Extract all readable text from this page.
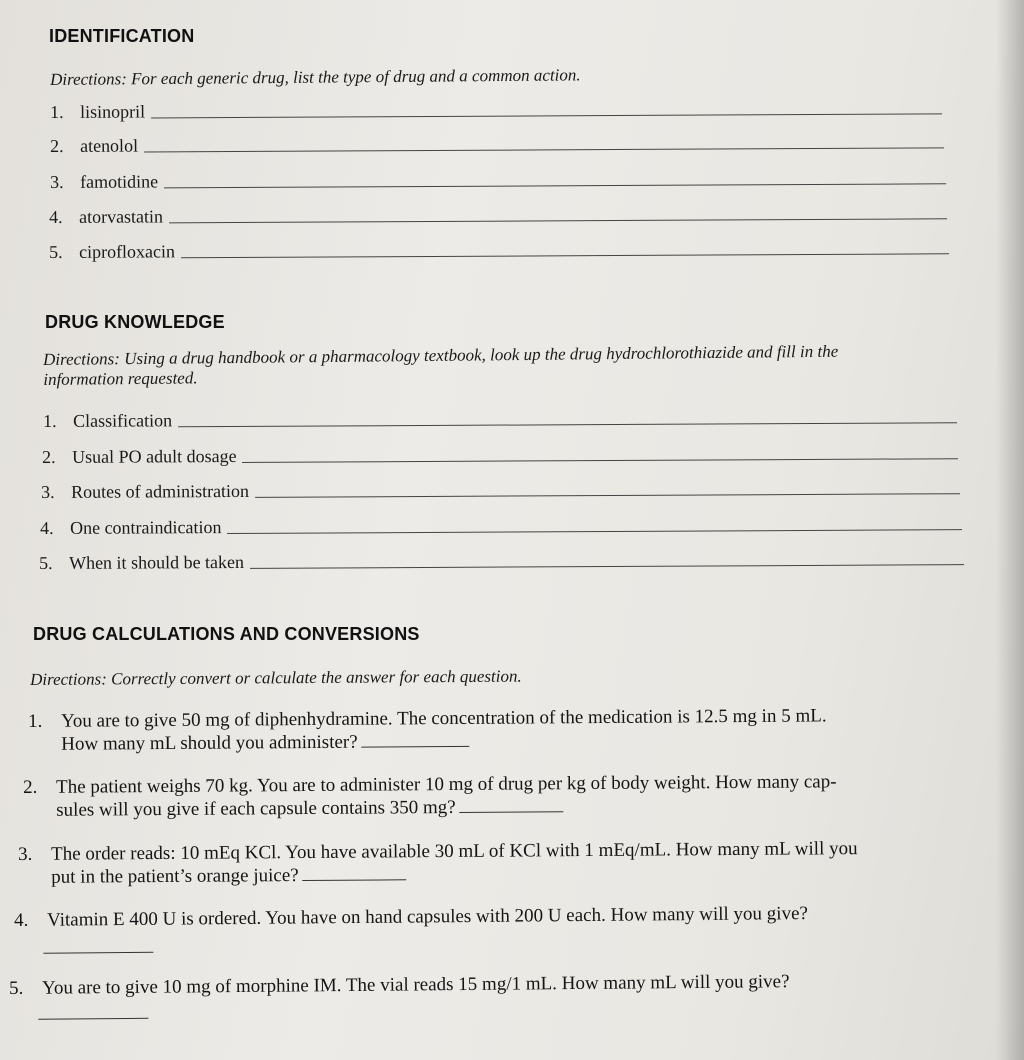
IDENTIFICATION
Directions: For each generic drug, list the type of drug and a common action.
1. lisinopril
2. atenolol
3. famotidine
4. atorvastatin
5. ciprofloxacin
DRUG KNOWLEDGE
Directions: Using a drug handbook or a pharmacology textbook, look up the drug hydrochlorothiazide and fill in the
information requested.
1. Classification
2. Usual PO adult dosage
3. Routes of administration
4. One contraindication
5. When it should be taken
DRUG CALCULATIONS AND CONVERSIONS
Directions: Correctly convert or calculate the answer for each question.
1. You are to give 50 mg of diphenhydramine. The concentration of the medication is 12.5 mg in 5 mL.
How many mL should you administer?
2. The patient weighs 70 kg. You are to administer 10 mg of drug per kg of body weight. How many cap-
sules will you give if each capsule contains 350 mg?
3. The order reads: 10 mEq KCl. You have available 30 mL of KCl with 1 mEq/mL. How many mL will you
put in the patient’s orange juice?
4. Vitamin E 400 U is ordered. You have on hand capsules with 200 U each. How many will you give?
5. You are to give 10 mg of morphine IM. The vial reads 15 mg/1 mL. How many mL will you give?
